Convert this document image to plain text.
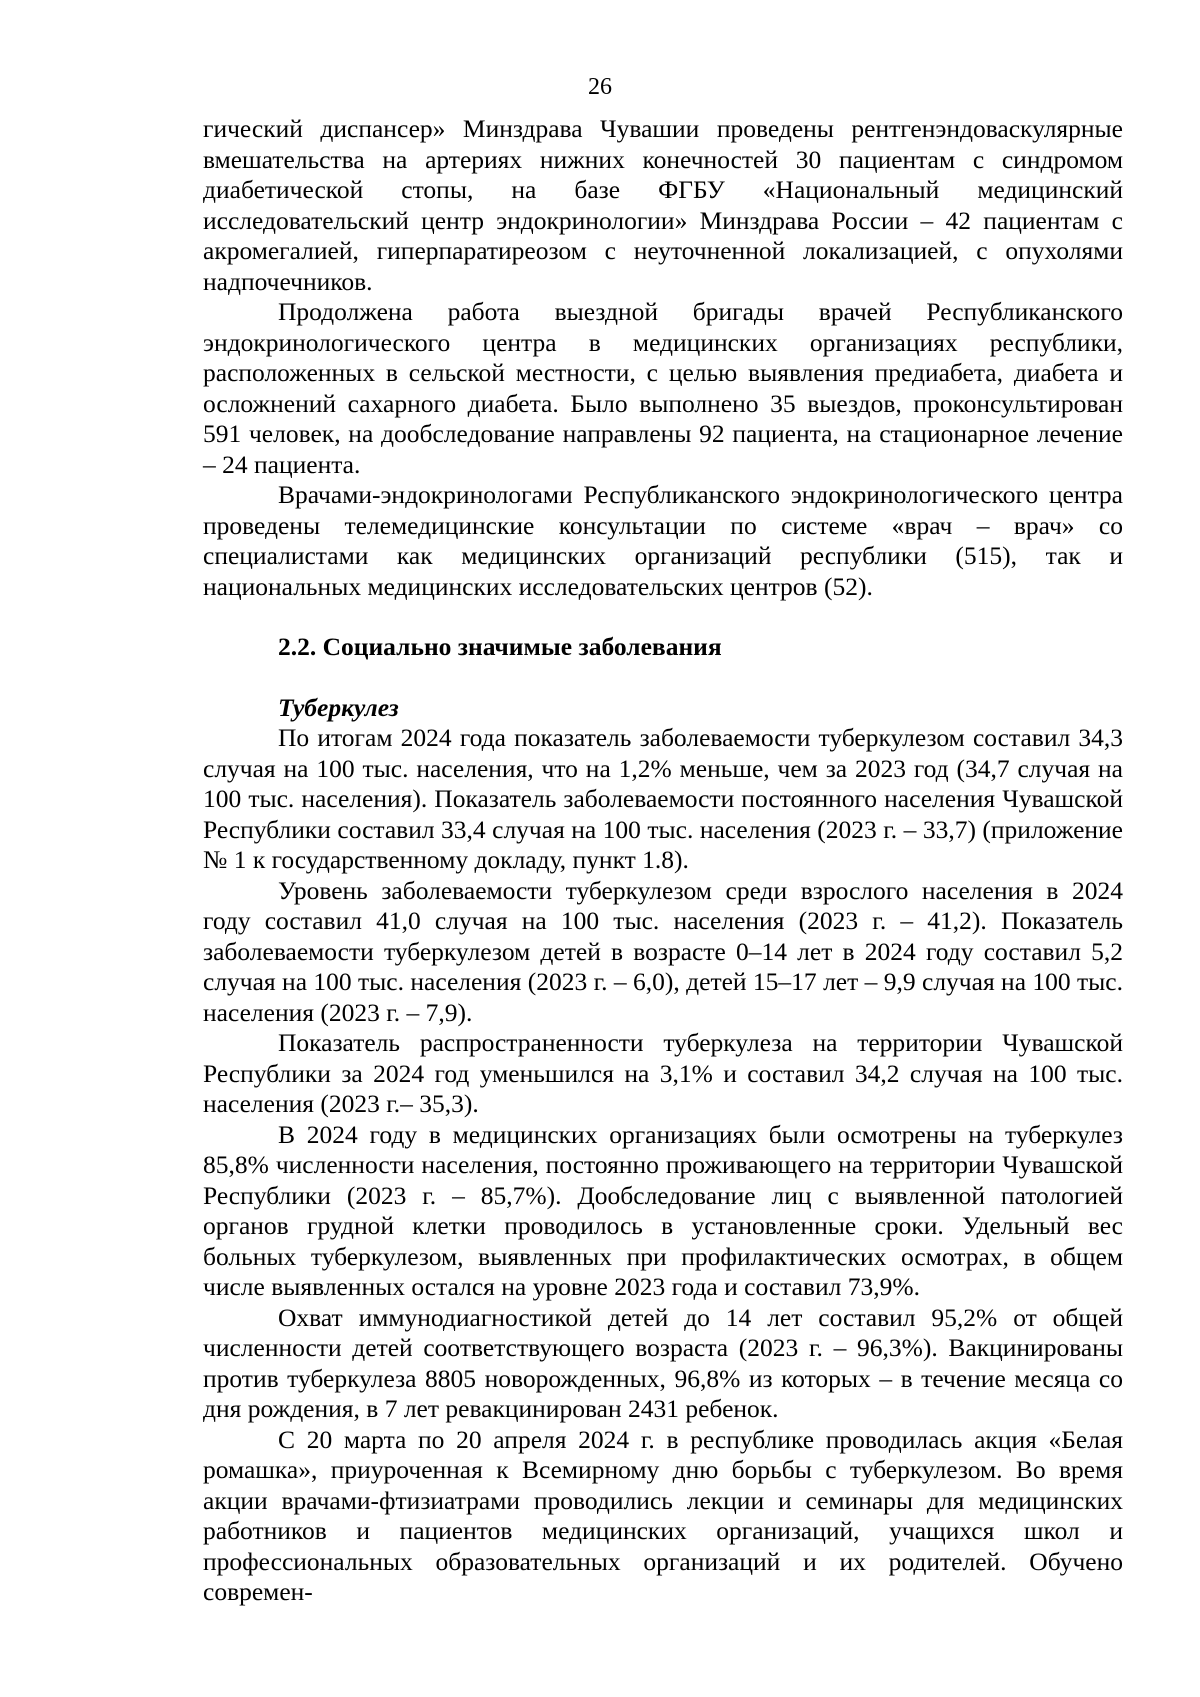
26

гический диспансер» Минздрава Чувашии проведены рентгенэндоваскулярные вмешательства на артериях нижних конечностей 30 пациентам с синдромом диабетической стопы, на базе ФГБУ «Национальный медицинский исследовательский центр эндокринологии» Минздрава России – 42 пациентам с акромегалией, гиперпаратиреозом с неуточненной локализацией, с опухолями надпочечников.

Продолжена работа выездной бригады врачей Республиканского эндокринологического центра в медицинских организациях республики, расположенных в сельской местности, с целью выявления предиабета, диабета и осложнений сахарного диабета. Было выполнено 35 выездов, проконсультирован 591 человек, на дообследование направлены 92 пациента, на стационарное лечение – 24 пациента.

Врачами-эндокринологами Республиканского эндокринологического центра проведены телемедицинские консультации по системе «врач – врач» со специалистами как медицинских организаций республики (515), так и национальных медицинских исследовательских центров (52).

2.2. Социально значимые заболевания
Туберкулез

По итогам 2024 года показатель заболеваемости туберкулезом составил 34,3 случая на 100 тыс. населения, что на 1,2% меньше, чем за 2023 год (34,7 случая на 100 тыс. населения). Показатель заболеваемости постоянного населения Чувашской Республики составил 33,4 случая на 100 тыс. населения (2023 г. – 33,7) (приложение № 1 к государственному докладу, пункт 1.8).

Уровень заболеваемости туберкулезом среди взрослого населения в 2024 году составил 41,0 случая на 100 тыс. населения (2023 г. – 41,2). Показатель заболеваемости туберкулезом детей в возрасте 0–14 лет в 2024 году составил 5,2 случая на 100 тыс. населения (2023 г. – 6,0), детей 15–17 лет – 9,9 случая на 100 тыс. населения (2023 г. – 7,9).

Показатель распространенности туберкулеза на территории Чувашской Республики за 2024 год уменьшился на 3,1% и составил 34,2 случая на 100 тыс. населения (2023 г.– 35,3).

В 2024 году в медицинских организациях были осмотрены на туберкулез 85,8% численности населения, постоянно проживающего на территории Чувашской Республики (2023 г. – 85,7%). Дообследование лиц с выявленной патологией органов грудной клетки проводилось в установленные сроки. Удельный вес больных туберкулезом, выявленных при профилактических осмотрах, в общем числе выявленных остался на уровне 2023 года и составил 73,9%.

Охват иммунодиагностикой детей до 14 лет составил 95,2% от общей численности детей соответствующего возраста (2023 г. – 96,3%). Вакцинированы против туберкулеза 8805 новорожденных, 96,8% из которых – в течение месяца со дня рождения, в 7 лет ревакцинирован 2431 ребенок.

С 20 марта по 20 апреля 2024 г. в республике проводилась акция «Белая ромашка», приуроченная к Всемирному дню борьбы с туберкулезом. Во время акции врачами-фтизиатрами проводились лекции и семинары для медицинских работников и пациентов медицинских организаций, учащихся школ и профессиональных образовательных организаций и их родителей. Обучено современ-
